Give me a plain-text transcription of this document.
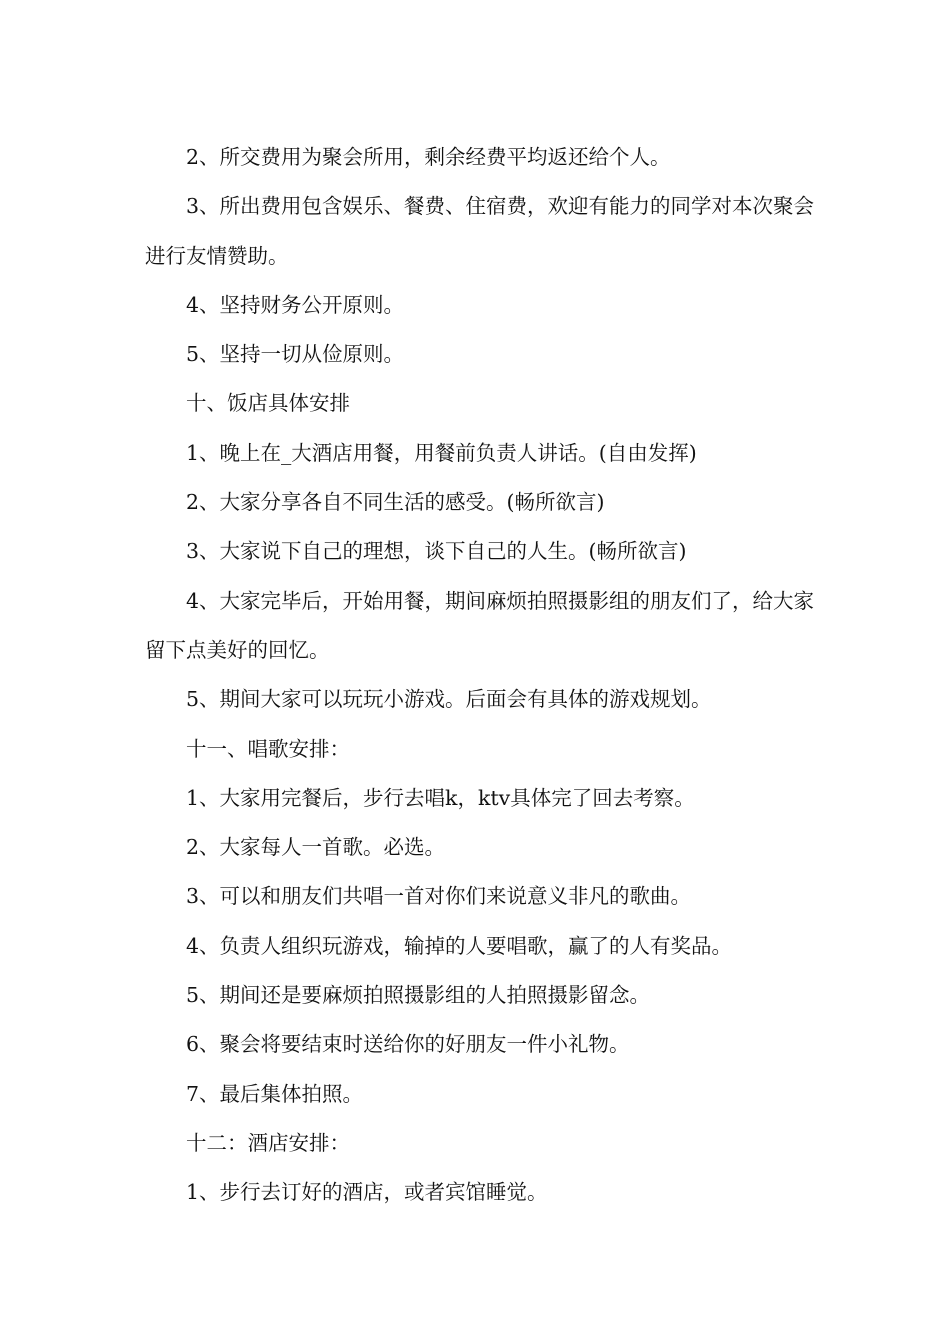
2、所交费用为聚会所用，剩余经费平均返还给个人。

3、所出费用包含娱乐、餐费、住宿费，欢迎有能力的同学对本次聚会进行友情赞助。

4、坚持财务公开原则。

5、坚持一切从俭原则。

十、饭店具体安排

1、晚上在_大酒店用餐，用餐前负责人讲话。(自由发挥)

2、大家分享各自不同生活的感受。(畅所欲言)

3、大家说下自己的理想，谈下自己的人生。(畅所欲言)

4、大家完毕后，开始用餐，期间麻烦拍照摄影组的朋友们了，给大家留下点美好的回忆。

5、期间大家可以玩玩小游戏。后面会有具体的游戏规划。

十一、唱歌安排：

1、大家用完餐后，步行去唱k，ktv具体完了回去考察。

2、大家每人一首歌。必选。

3、可以和朋友们共唱一首对你们来说意义非凡的歌曲。

4、负责人组织玩游戏，输掉的人要唱歌，赢了的人有奖品。

5、期间还是要麻烦拍照摄影组的人拍照摄影留念。

6、聚会将要结束时送给你的好朋友一件小礼物。

7、最后集体拍照。

十二：酒店安排：

1、步行去订好的酒店，或者宾馆睡觉。
